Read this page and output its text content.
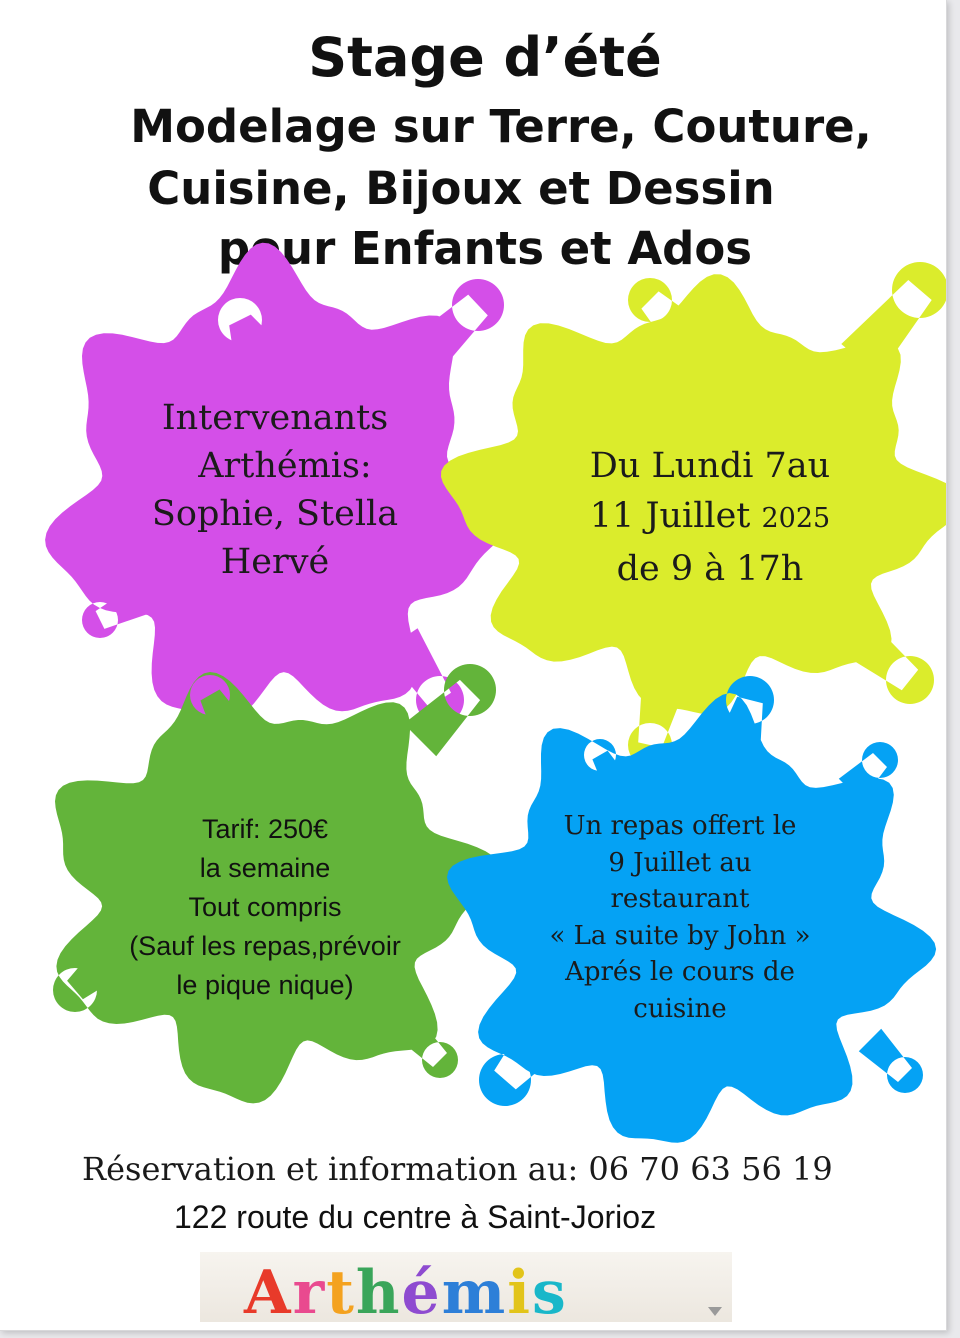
Stage d’été
Modelage sur Terre, Couture,
Cuisine, Bijoux et Dessin
pour Enfants et Ados
Intervenants
Arthémis:
Sophie, Stella
Hervé
Du Lundi 7au
11 Juillet 2025
de 9 à 17h
Tarif: 250€
la semaine
Tout compris
(Sauf les repas,prévoir
le pique nique)
Un repas offert le
9 Juillet au
restaurant
« La suite by John »
Aprés le cours de
cuisine
Réservation et information au: 06 70 63 56 19
122 route du centre à Saint-Jorioz
Arthémis
